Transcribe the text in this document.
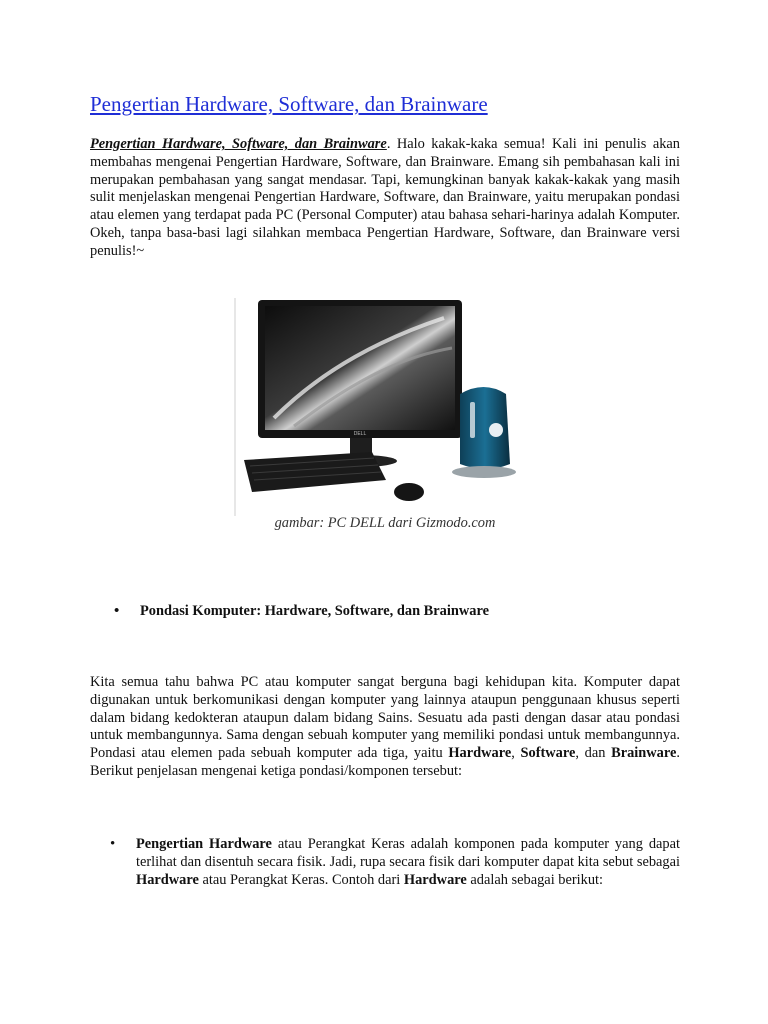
Pengertian Hardware, Software, dan Brainware

Pengertian Hardware, Software, dan Brainware. Halo kakak-kaka semua! Kali ini penulis akan membahas mengenai Pengertian Hardware, Software, dan Brainware. Emang sih pembahasan kali ini merupakan pembahasan yang sangat mendasar. Tapi, kemungkinan banyak kakak-kakak yang masih sulit menjelaskan mengenai Pengertian Hardware, Software, dan Brainware, yaitu merupakan pondasi atau elemen yang terdapat pada PC (Personal Computer) atau bahasa sehari-harinya adalah Komputer. Okeh, tanpa basa-basi lagi silahkan membaca Pengertian Hardware, Software, dan Brainware versi penulis!~

DELL
gambar: PC DELL dari Gizmodo.com
•	Pondasi Komputer: Hardware, Software, dan Brainware

Kita semua tahu bahwa PC atau komputer sangat berguna bagi kehidupan kita. Komputer dapat digunakan untuk berkomunikasi dengan komputer yang lainnya ataupun penggunaan khusus seperti dalam bidang kedokteran ataupun dalam bidang Sains. Sesuatu ada pasti dengan dasar atau pondasi untuk membangunnya. Sama dengan sebuah komputer yang memiliki pondasi untuk membangunnya. Pondasi atau elemen pada sebuah komputer ada tiga, yaitu Hardware, Software, dan Brainware. Berikut penjelasan mengenai ketiga pondasi/komponen tersebut:

•	Pengertian Hardware atau Perangkat Keras adalah komponen pada komputer yang dapat terlihat dan disentuh secara fisik. Jadi, rupa secara fisik dari komputer dapat kita sebut sebagai Hardware atau Perangkat Keras. Contoh dari Hardware adalah sebagai berikut:
